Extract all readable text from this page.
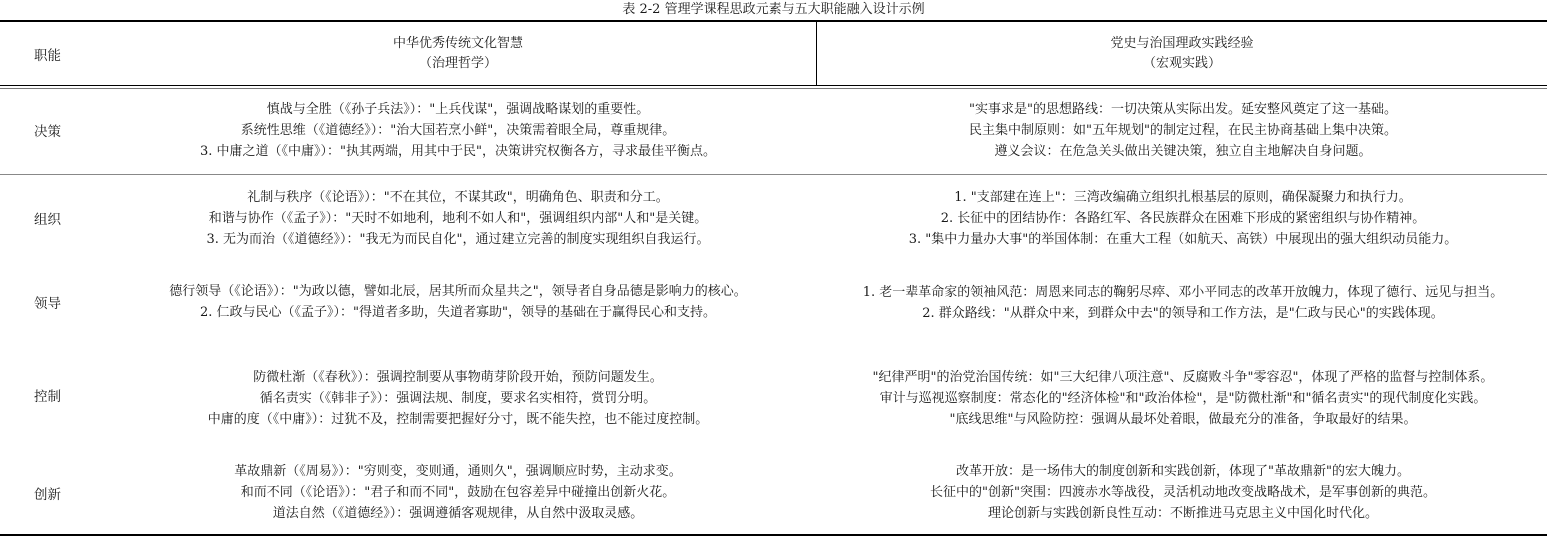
表 2-2 管理学课程思政元素与五大职能融入设计示例
职能
中华优秀传统文化智慧
（治理哲学）
党史与治国理政实践经验
（宏观实践）
决策
慎战与全胜（《孙子兵法》）："上兵伐谋"，强调战略谋划的重要性。
系统性思维（《道德经》）："治大国若烹小鲜"，决策需着眼全局，尊重规律。
3. 中庸之道（《中庸》）："执其两端，用其中于民"，决策讲究权衡各方，寻求最佳平衡点。
"实事求是"的思想路线：一切决策从实际出发。延安整风奠定了这一基础。
民主集中制原则：如"五年规划"的制定过程，在民主协商基础上集中决策。
遵义会议：在危急关头做出关键决策，独立自主地解决自身问题。
组织
礼制与秩序（《论语》）："不在其位，不谋其政"，明确角色、职责和分工。
和谐与协作（《孟子》）："天时不如地利，地利不如人和"，强调组织内部"人和"是关键。
3. 无为而治（《道德经》）："我无为而民自化"，通过建立完善的制度实现组织自我运行。
1. "支部建在连上"：三湾改编确立组织扎根基层的原则，确保凝聚力和执行力。
2. 长征中的团结协作：各路红军、各民族群众在困难下形成的紧密组织与协作精神。
3. "集中力量办大事"的举国体制：在重大工程（如航天、高铁）中展现出的强大组织动员能力。
领导
德行领导（《论语》）："为政以德，譬如北辰，居其所而众星共之"，领导者自身品德是影响力的核心。
2. 仁政与民心（《孟子》）："得道者多助，失道者寡助"，领导的基础在于赢得民心和支持。
1. 老一辈革命家的领袖风范：周恩来同志的鞠躬尽瘁、邓小平同志的改革开放魄力，体现了德行、远见与担当。
2. 群众路线："从群众中来，到群众中去"的领导和工作方法，是"仁政与民心"的实践体现。
控制
防微杜渐（《春秋》）：强调控制要从事物萌芽阶段开始，预防问题发生。
循名责实（《韩非子》）：强调法规、制度，要求名实相符，赏罚分明。
中庸的度（《中庸》）：过犹不及，控制需要把握好分寸，既不能失控，也不能过度控制。
"纪律严明"的治党治国传统：如"三大纪律八项注意"、反腐败斗争"零容忍"，体现了严格的监督与控制体系。
审计与巡视巡察制度：常态化的"经济体检"和"政治体检"，是"防微杜渐"和"循名责实"的现代制度化实践。
"底线思维"与风险防控：强调从最坏处着眼，做最充分的准备，争取最好的结果。
创新
革故鼎新（《周易》）："穷则变，变则通，通则久"，强调顺应时势，主动求变。
和而不同（《论语》）："君子和而不同"，鼓励在包容差异中碰撞出创新火花。
道法自然（《道德经》）：强调遵循客观规律，从自然中汲取灵感。
改革开放：是一场伟大的制度创新和实践创新，体现了"革故鼎新"的宏大魄力。
长征中的"创新"突围：四渡赤水等战役，灵活机动地改变战略战术，是军事创新的典范。
理论创新与实践创新良性互动：不断推进马克思主义中国化时代化。
